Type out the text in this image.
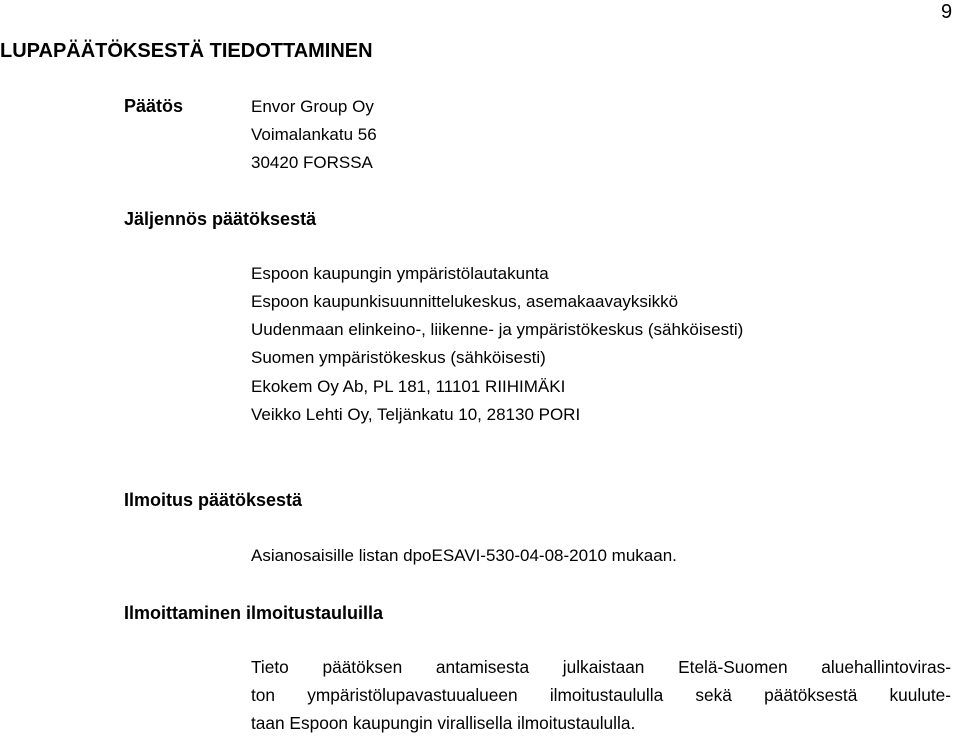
9
LUPAPÄÄTÖKSESTÄ TIEDOTTAMINEN
Päätös	Envor Group Oy
Voimalankatu 56
30420 FORSSA
Jäljennös päätöksestä
Espoon kaupungin ympäristölautakunta
Espoon kaupunkisuunnittelukeskus, asemakaavayksikkö
Uudenmaan elinkeino-, liikenne- ja ympäristökeskus (sähköisesti)
Suomen ympäristökeskus (sähköisesti)
Ekokem Oy Ab, PL 181, 11101 RIIHIMÄKI
Veikko Lehti Oy, Teljänkatu 10, 28130 PORI
Ilmoitus päätöksestä
Asianosaisille listan dpoESAVI-530-04-08-2010 mukaan.
Ilmoittaminen ilmoitustauluilla
Tieto päätöksen antamisesta julkaistaan Etelä-Suomen aluehallintoviras-
ton ympäristölupavastuualueen ilmoitustaululla sekä päätöksestä kuulute-
taan Espoon kaupungin virallisella ilmoitustaululla.
